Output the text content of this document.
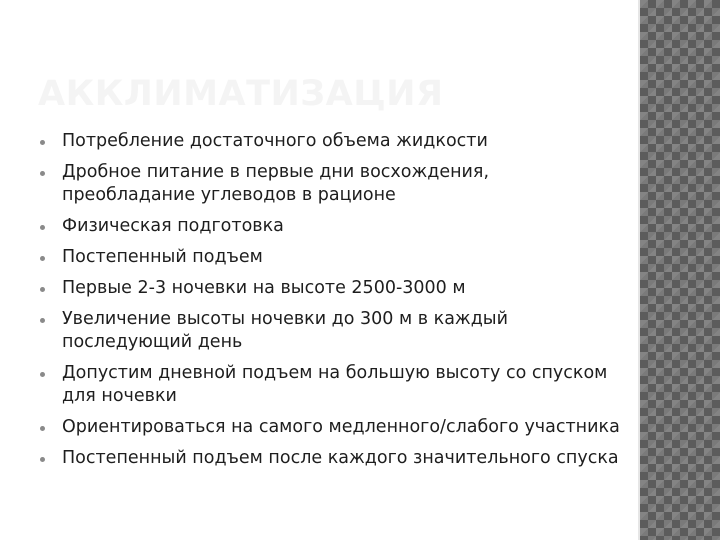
АККЛИМАТИЗАЦИЯ
Потребление достаточного объема жидкости
Дробное питание в первые дни восхождения, преобладание углеводов в рационе
Физическая подготовка
Постепенный подъем
Первые 2-3 ночевки на высоте 2500-3000 м
Увеличение высоты ночевки до 300 м в каждый последующий день
Допустим дневной подъем на большую высоту со спуском для ночевки
Ориентироваться на самого медленного/слабого участника
Постепенный подъем после каждого значительного спуска
